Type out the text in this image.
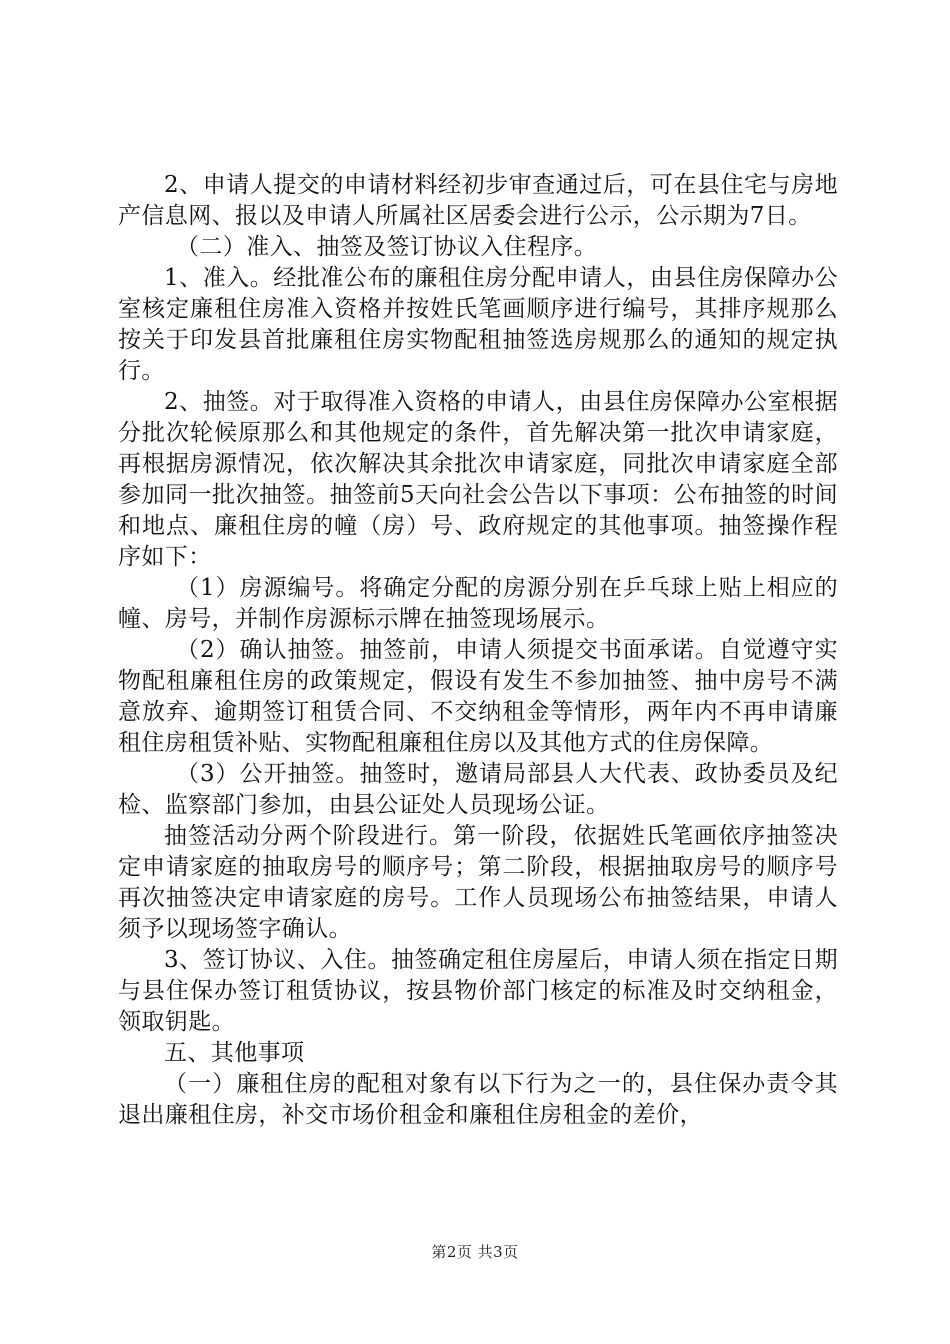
2、申请人提交的申请材料经初步审查通过后，可在县住宅与房地产信息网、报以及申请人所属社区居委会进行公示，公示期为7日。

（二）准入、抽签及签订协议入住程序。

1、准入。经批准公布的廉租住房分配申请人，由县住房保障办公室核定廉租住房准入资格并按姓氏笔画顺序进行编号，其排序规那么按关于印发县首批廉租住房实物配租抽签选房规那么的通知的规定执行。

2、抽签。对于取得准入资格的申请人，由县住房保障办公室根据分批次轮候原那么和其他规定的条件，首先解决第一批次申请家庭，再根据房源情况，依次解决其余批次申请家庭，同批次申请家庭全部参加同一批次抽签。抽签前5天向社会公告以下事项：公布抽签的时间和地点、廉租住房的幢（房）号、政府规定的其他事项。抽签操作程序如下：

（1）房源编号。将确定分配的房源分别在乒乓球上贴上相应的幢、房号，并制作房源标示牌在抽签现场展示。

（2）确认抽签。抽签前，申请人须提交书面承诺。自觉遵守实物配租廉租住房的政策规定，假设有发生不参加抽签、抽中房号不满意放弃、逾期签订租赁合同、不交纳租金等情形，两年内不再申请廉租住房租赁补贴、实物配租廉租住房以及其他方式的住房保障。

（3）公开抽签。抽签时，邀请局部县人大代表、政协委员及纪检、监察部门参加，由县公证处人员现场公证。

抽签活动分两个阶段进行。第一阶段，依据姓氏笔画依序抽签决定申请家庭的抽取房号的顺序号；第二阶段，根据抽取房号的顺序号再次抽签决定申请家庭的房号。工作人员现场公布抽签结果，申请人须予以现场签字确认。

3、签订协议、入住。抽签确定租住房屋后，申请人须在指定日期与县住保办签订租赁协议，按县物价部门核定的标准及时交纳租金，领取钥匙。

五、其他事项

（一）廉租住房的配租对象有以下行为之一的，县住保办责令其退出廉租住房，补交市场价租金和廉租住房租金的差价，

第2页 共3页
